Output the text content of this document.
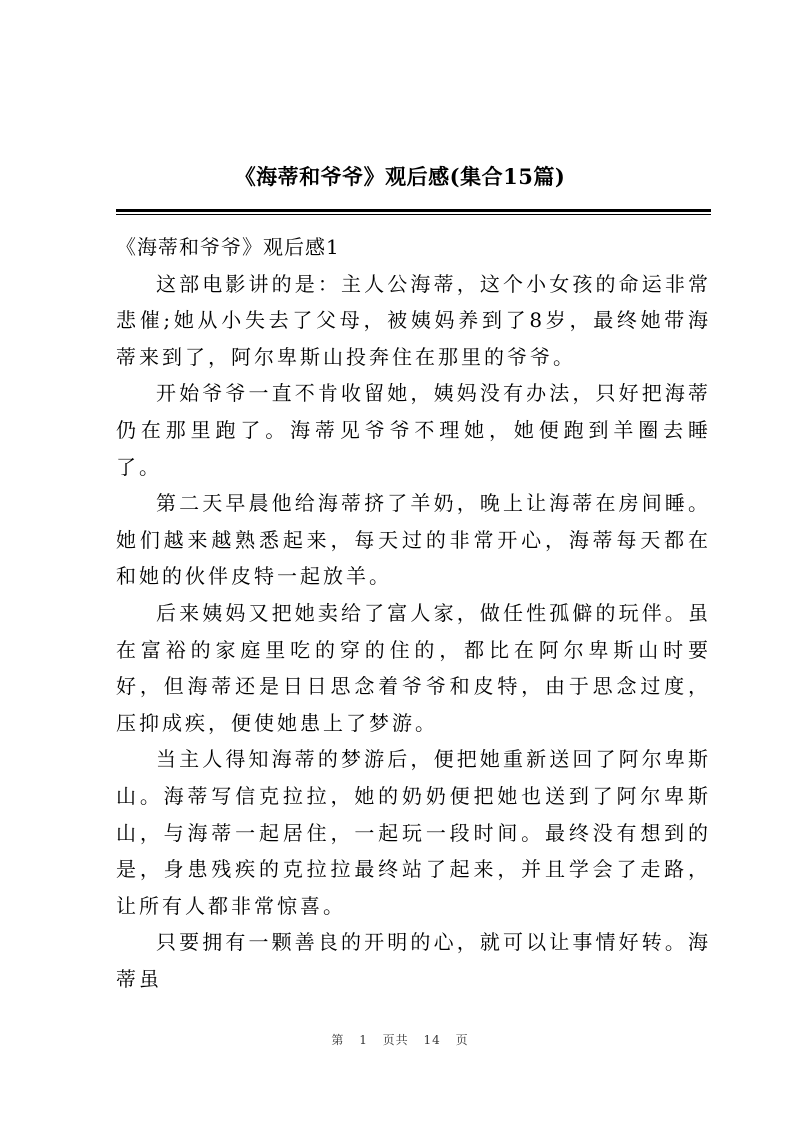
《海蒂和爷爷》观后感(集合15篇)

《海蒂和爷爷》观后感1

这部电影讲的是：主人公海蒂，这个小女孩的命运非常悲催;她从小失去了父母，被姨妈养到了8岁，最终她带海蒂来到了，阿尔卑斯山投奔住在那里的爷爷。

开始爷爷一直不肯收留她，姨妈没有办法，只好把海蒂仍在那里跑了。海蒂见爷爷不理她，她便跑到羊圈去睡了。

第二天早晨他给海蒂挤了羊奶，晚上让海蒂在房间睡。她们越来越熟悉起来，每天过的非常开心，海蒂每天都在和她的伙伴皮特一起放羊。

后来姨妈又把她卖给了富人家，做任性孤僻的玩伴。虽在富裕的家庭里吃的穿的住的，都比在阿尔卑斯山时要好，但海蒂还是日日思念着爷爷和皮特，由于思念过度，压抑成疾，便使她患上了梦游。

当主人得知海蒂的梦游后，便把她重新送回了阿尔卑斯山。海蒂写信克拉拉，她的奶奶便把她也送到了阿尔卑斯山，与海蒂一起居住，一起玩一段时间。最终没有想到的是，身患残疾的克拉拉最终站了起来，并且学会了走路，让所有人都非常惊喜。

只要拥有一颗善良的开明的心，就可以让事情好转。海蒂虽

第 1 页共 14 页
